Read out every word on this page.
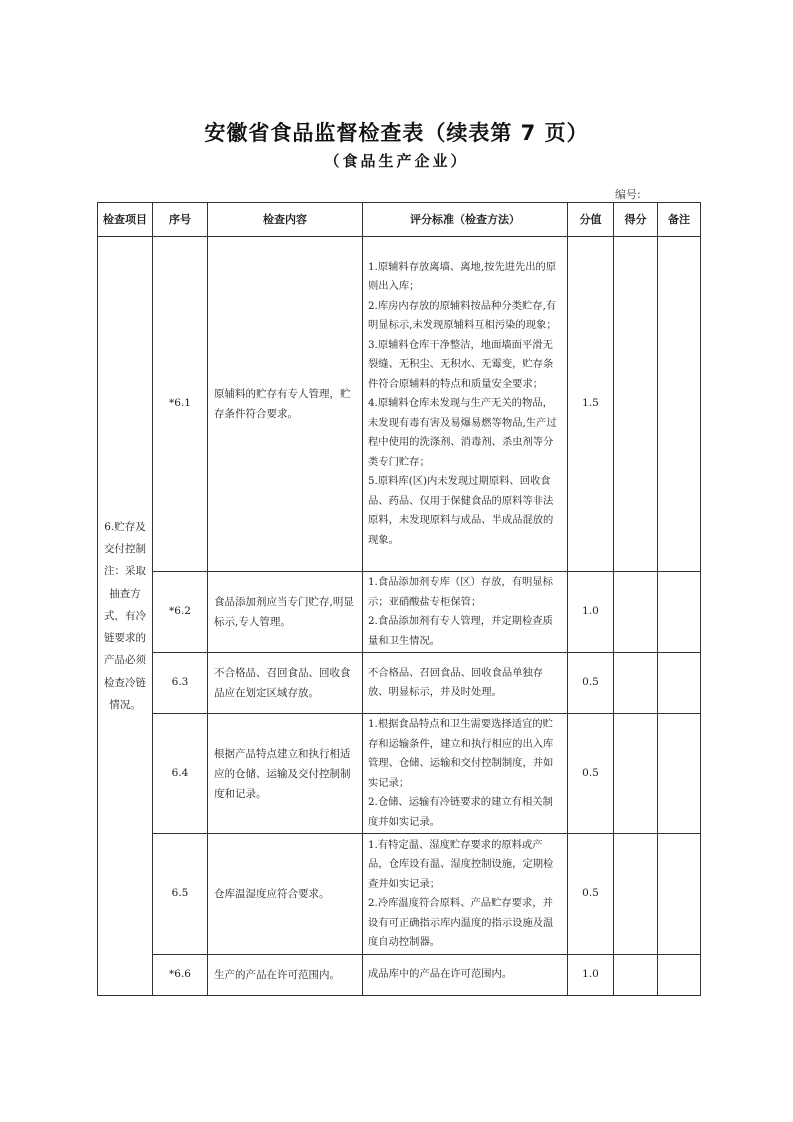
安徽省食品监督检查表（续表第 7 页）
（食品生产企业）
编号:
检查项目	序号	检查内容	评分标准（检查方法）	分值	得分	备注
6.贮存及交付控制注：采取抽查方式，有冷链要求的产品必须检查冷链情况。	*6.1	原辅料的贮存有专人管理，贮存条件符合要求。	1.原辅料存放离墙、离地,按先进先出的原则出入库；
2.库房内存放的原辅料按品种分类贮存,有明显标示,未发现原辅料互相污染的现象；
3.原辅料仓库干净整洁，地面墙面平滑无裂缝、无积尘、无积水、无霉变，贮存条件符合原辅料的特点和质量安全要求；
4.原辅料仓库未发现与生产无关的物品，未发现有毒有害及易爆易燃等物品,生产过程中使用的洗涤剂、消毒剂、杀虫剂等分类专门贮存；
5.原料库(区)内未发现过期原料、回收食品、药品、仅用于保健食品的原料等非法原料，未发现原料与成品、半成品混放的现象。	1.5		
	*6.2	食品添加剂应当专门贮存,明显标示,专人管理。	1.食品添加剂专库（区）存放，有明显标示；亚硝酸盐专柜保管；
2.食品添加剂有专人管理，并定期检查质量和卫生情况。	1.0		
	6.3	不合格品、召回食品、回收食品应在划定区域存放。	不合格品、召回食品、回收食品单独存放、明显标示，并及时处理。	0.5		
	6.4	根据产品特点建立和执行相适应的仓储、运输及交付控制制度和记录。	1.根据食品特点和卫生需要选择适宜的贮存和运输条件，建立和执行相应的出入库管理、仓储、运输和交付控制制度，并如实记录；
2.仓储、运输有冷链要求的建立有相关制度并如实记录。	0.5		
	6.5	仓库温湿度应符合要求。	1.有特定温、湿度贮存要求的原料或产品，仓库设有温、湿度控制设施，定期检查并如实记录；
2.冷库温度符合原料、产品贮存要求，并设有可正确指示库内温度的指示设施及温度自动控制器。	0.5		
	*6.6	生产的产品在许可范围内。	成品库中的产品在许可范围内。	1.0		
